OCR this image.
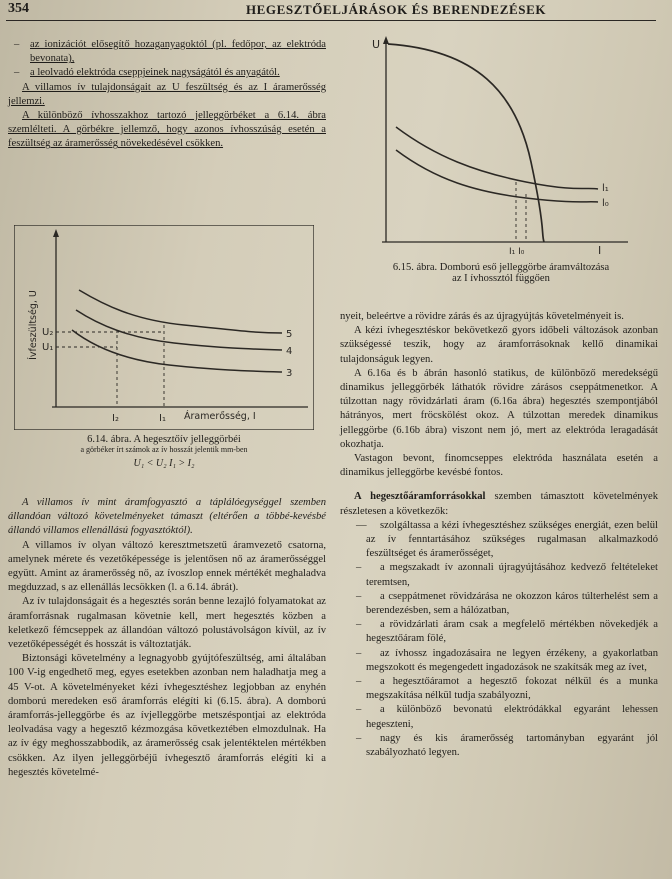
354	HEGESZTŐELJÁRÁSOK ÉS BERENDEZÉSEK

– az ionizációt elősegítő hozaganyagoktól (pl. fedőpor, az elektróda bevonata),

– a leolvadó elektróda cseppjeinek nagyságától és anyagától.

A villamos ív tulajdonságait az U feszültség és az I áramerősség jellemzi.

A különböző ívhosszakhoz tartozó jelleggörbéket a 6.14. ábra szemlélteti. A görbékre jellemző, hogy azonos ívhosszúság esetén a feszültség az áramerősség növekedésével csökken.

Ívfeszültség, U U₂
U₁
I₂	I₁ Áramerősség, I
5
4
3
6.14. ábra. A hegesztőív jelleggörbéi
a görbéker írt számok az ív hosszát jelentik mm-ben
U₁ < U₂ I₁ > I₂

A villamos ív mint áramfogyasztó a táplálóegységgel szemben állandóan változó követelményeket támaszt (eltérően a többé-kevésbé állandó villamos ellenállású fogyasztóktól).

A villamos ív olyan változó keresztmetszetű áramvezető csatorna, amelynek mérete és vezetőképessége is jelentősen nő az áramerősséggel együtt. Amint az áramerősség nő, az ívoszlop ennek mértékét meghaladva megduzzad, s az ellenállás lecsökken (l. a 6.14. ábrát).

Az ív tulajdonságait és a hegesztés során benne lezajló folyamatokat az áramforrásnak rugalmasan követnie kell, mert hegesztés közben a keletkező fémcseppek az állandóan változó polustávolságon kívül, az ív vezetőképességét és hosszát is változtatják.

Biztonsági követelmény a legnagyobb gyújtófeszültség, ami általában 100 V-ig engedhető meg, egyes esetekben azonban nem haladhatja meg a 45 V-ot. A követelményeket kézi ívhegesztéshez legjobban az enyhén domború meredeken eső áramforrás elégíti ki (6.15. ábra). A domború áramforrás-jelleggörbe és az ívjelleggörbe metszéspontjai az elektróda leolvadása vagy a hegesztő kézmozgása következtében elmozdulnak. Ha az ív égy meghosszabbodik, az áramerősség csak jelentéktelen mértékben csökken. Az ilyen jelleggörbéjű ívhegesztő áramforrás elégíti ki a hegesztés követelmé-

U
I
l₁
l₀
I₁ I₀
6.15. ábra. Domború eső jelleggörbe áramváltozása
az I ívhossztól függően

nyeit, beleértve a rövidre zárás és az újragyújtás követelményeit is.

A kézi ívhegesztéskor bekövetkező gyors időbeli változások azonban szükségessé teszik, hogy az áramforrásoknak kellő dinamikai tulajdonságuk legyen.

A 6.16a és b ábrán hasonló statikus, de különböző meredekségű dinamikus jelleggörbék láthatók rövidre zárásos cseppátmenetkor. A túlzottan nagy rövidzárlati áram (6.16a ábra) hegesztés szempontjából hátrányos, mert fröcskölést okoz. A túlzottan meredek dinamikus jelleggörbe (6.16b ábra) viszont nem jó, mert az elektróda leragadását okozhatja.

Vastagon bevont, finomcseppes elektróda használata esetén a dinamikus jelleggörbe kevésbé fontos.

A hegesztőáramforrásokkal szemben támasztott követelmények részletesen a következők:

— szolgáltassa a kézi ívhegesztéshez szükséges energiát, ezen belül az ív fenntartásához szükséges rugalmasan alkalmazkodó feszültséget és áramerősséget,

– a megszakadt ív azonnali újragyújtásához kedvező feltételeket teremtsen,

– a cseppátmenet rövidzárása ne okozzon káros túlterhelést sem a berendezésben, sem a hálózatban,

– a rövidzárlati áram csak a megfelelő mértékben növekedjék a hegesztőáram fölé,

– az ívhossz ingadozásaira ne legyen érzékeny, a gyakorlatban megszokott és megengedett ingadozások ne szakítsák meg az ívet,

– a hegesztőáramot a hegesztő fokozat nélkül és a munka megszakítása nélkül tudja szabályozni,

– a különböző bevonatú elektródákkal egyaránt lehessen hegeszteni,

– nagy és kis áramerősség tartományban egyaránt jól szabályozható legyen.
